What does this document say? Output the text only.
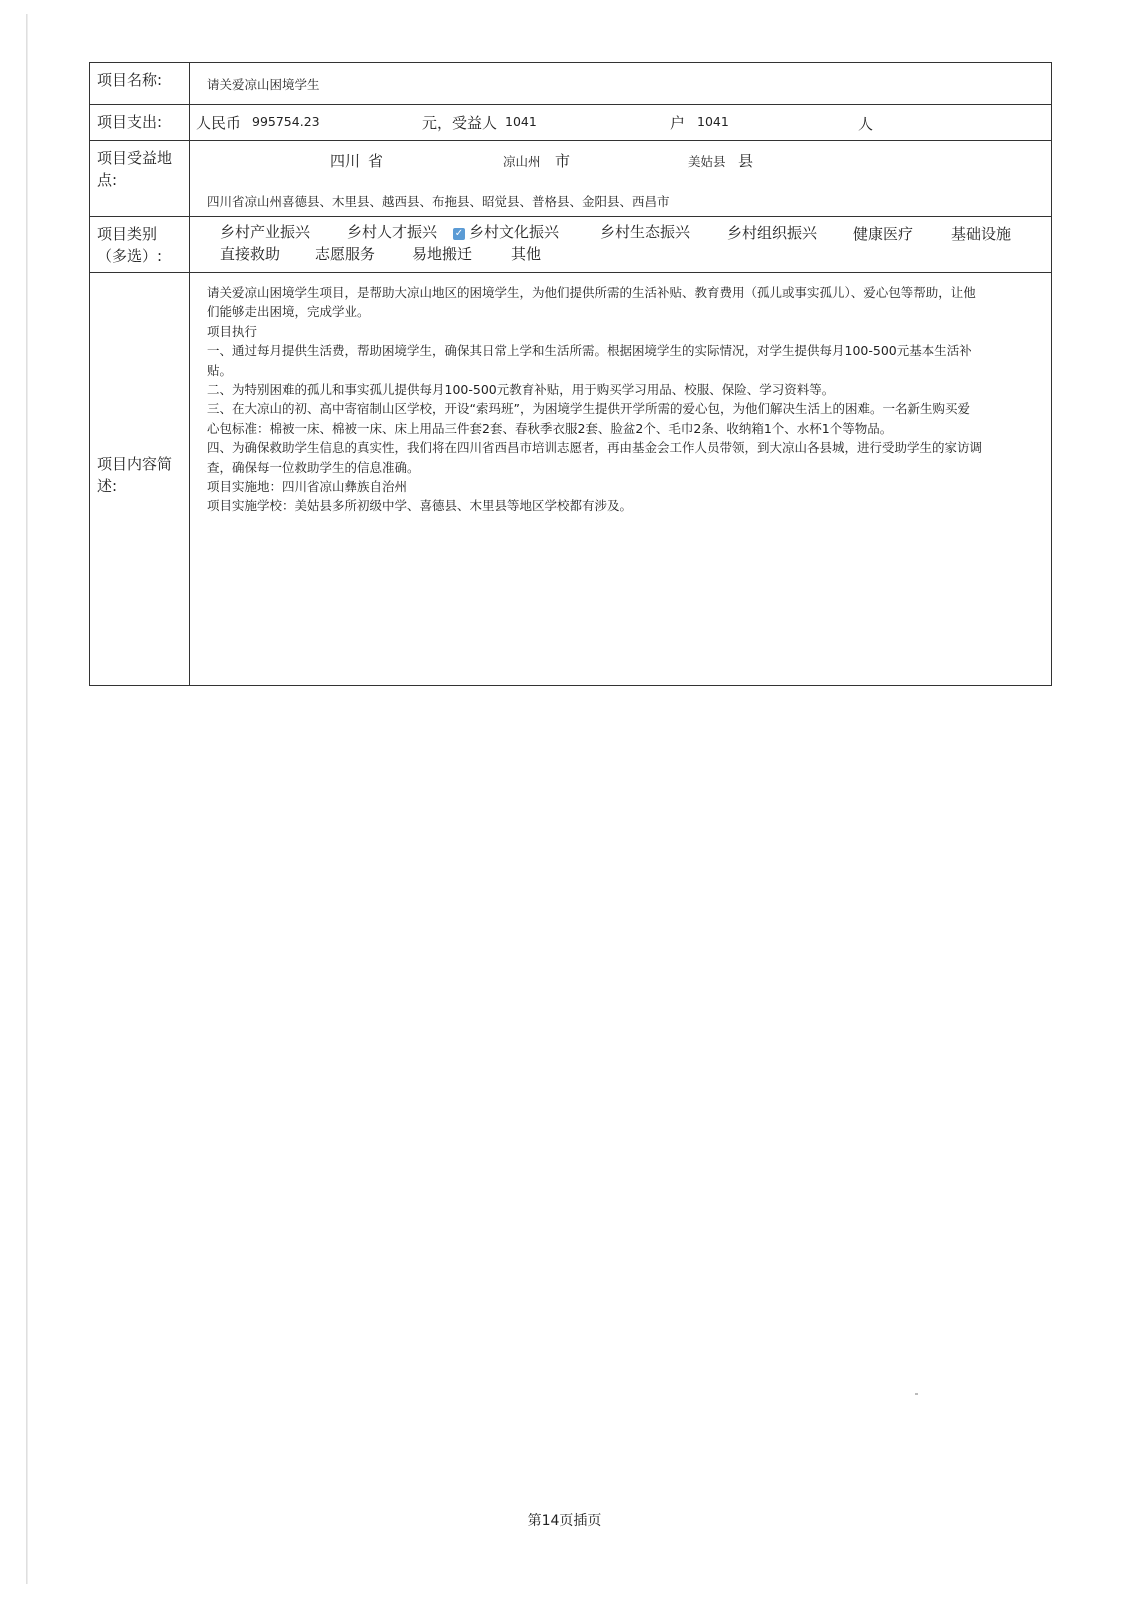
项目名称:	请关爱凉山困境学生
项目支出:	人民币 995754.23	元，受益人 1041	户 1041	人
项目受益地点:
四川 省	凉山州 市	美姑县 县
四川省凉山州喜德县、木里县、越西县、布拖县、昭觉县、普格县、金阳县、西昌市
项目类别（多选）:
乡村产业振兴 乡村人才振兴 ✓ 乡村文化振兴	乡村生态振兴 乡村组织振兴 健康医疗	基础设施
直接救助 志愿服务 易地搬迁	其他
项目内容简述:
请关爱凉山困境学生项目，是帮助大凉山地区的困境学生，为他们提供所需的生活补贴、教育费用（孤儿或事实孤儿）、爱心包等帮助，让他
们能够走出困境，完成学业。
项目执行
一、通过每月提供生活费，帮助困境学生，确保其日常上学和生活所需。根据困境学生的实际情况，对学生提供每月100-500元基本生活补
贴。
二、为特别困难的孤儿和事实孤儿提供每月100-500元教育补贴，用于购买学习用品、校服、保险、学习资料等。
三、在大凉山的初、高中寄宿制山区学校，开设“索玛班”，为困境学生提供开学所需的爱心包，为他们解决生活上的困难。一名新生购买爱
心包标准：棉被一床、棉被一床、床上用品三件套2套、春秋季衣服2套、脸盆2个、毛巾2条、收纳箱1个、水杯1个等物品。
四、为确保救助学生信息的真实性，我们将在四川省西昌市培训志愿者，再由基金会工作人员带领，到大凉山各县城，进行受助学生的家访调
查，确保每一位救助学生的信息准确。
项目实施地：四川省凉山彝族自治州
项目实施学校：美姑县多所初级中学、喜德县、木里县等地区学校都有涉及。
第14页插页
